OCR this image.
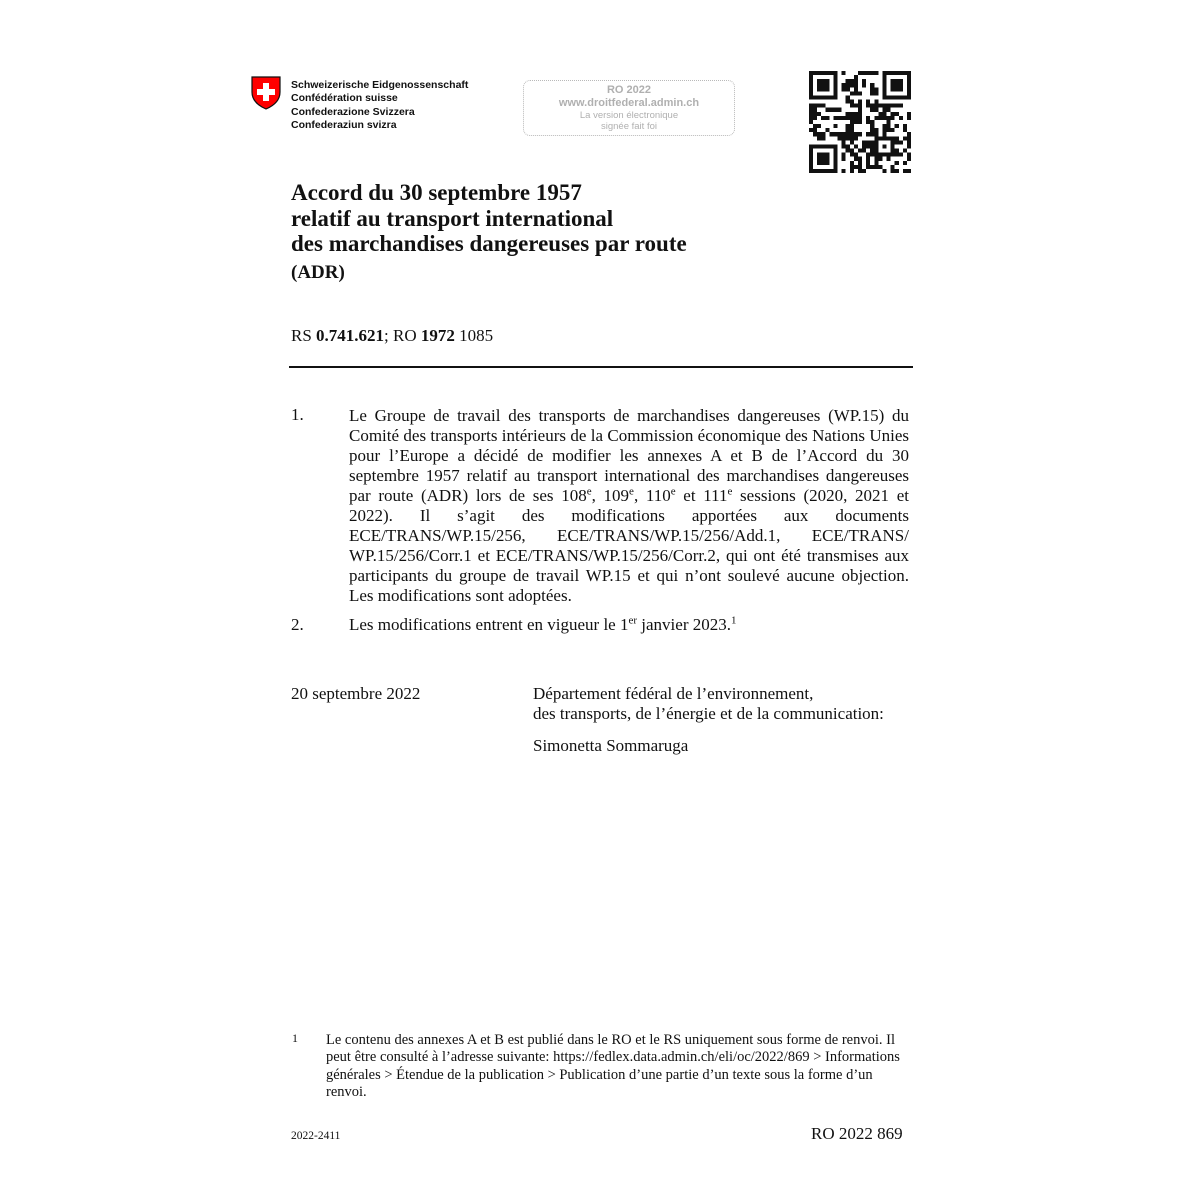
Schweizerische Eidgenossenschaft
Confédération suisse
Confederazione Svizzera
Confederaziun svizra
RO 2022
www.droitfederal.admin.ch
La version électronique
signée fait foi
Accord du 30 septembre 1957
relatif au transport international
des marchandises dangereuses par route
(ADR)
RS 0.741.621; RO 1972 1085
1.	Le Groupe de travail des transports de marchandises dangereuses (WP.15) du Comité des transports intérieurs de la Commission économique des Nations Unies pour l’Europe a décidé de modifier les annexes A et B de l’Accord du 30 septembre 1957 relatif au transport international des marchandises dangereuses par route (ADR) lors de ses 108e, 109e, 110e et 111e sessions (2020, 2021 et 2022). Il s’agit des modifications apportées aux documents ECE/TRANS/WP.15/256, ECE/TRANS/WP.15/256/Add.1, ECE/TRANS/ WP.15/256/Corr.1 et ECE/TRANS/WP.15/256/Corr.2, qui ont été transmises aux participants du groupe de travail WP.15 et qui n’ont soulevé aucune objection. Les modifications sont adoptées.
2.	Les modifications entrent en vigueur le 1er janvier 2023.$^1$
20 septembre 2022	Département fédéral de l’environnement,
des transports, de l’énergie et de la communication:
Simonetta Sommaruga
1 Le contenu des annexes A et B est publié dans le RO et le RS uniquement sous forme de renvoi. Il peut être consulté à l’adresse suivante: https://fedlex.data.admin.ch/eli/oc/2022/869 > Informations générales > Étendue de la publication > Publication d’une partie d’un texte sous la forme d’un renvoi.
2022-2411	RO 2022 869
